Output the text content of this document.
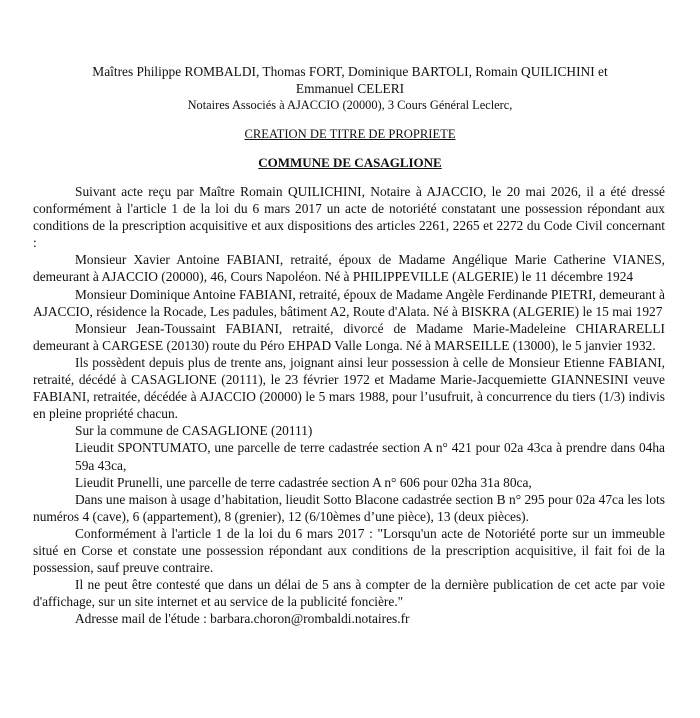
Maîtres Philippe ROMBALDI, Thomas FORT, Dominique BARTOLI, Romain QUILICHINI et
Emmanuel CELERI
Notaires Associés à AJACCIO (20000), 3 Cours Général Leclerc,
CREATION DE TITRE DE PROPRIETE
COMMUNE DE CASAGLIONE

Suivant acte reçu par Maître Romain QUILICHINI, Notaire à AJACCIO, le 20 mai 2026, il a été dressé conformément à l'article 1 de la loi du 6 mars 2017 un acte de notoriété constatant une possession répondant aux conditions de la prescription acquisitive et aux dispositions des articles 2261, 2265 et 2272 du Code Civil concernant :

Monsieur Xavier Antoine FABIANI, retraité, époux de Madame Angélique Marie Catherine VIANES, demeurant à AJACCIO (20000), 46, Cours Napoléon. Né à PHILIPPEVILLE (ALGERIE) le 11 décembre 1924

Monsieur Dominique Antoine FABIANI, retraité, époux de Madame Angèle Ferdinande PIETRI, demeurant à AJACCIO, résidence la Rocade, Les padules, bâtiment A2, Route d'Alata. Né à BISKRA (ALGERIE) le 15 mai 1927

Monsieur Jean-Toussaint FABIANI, retraité, divorcé de Madame Marie-Madeleine CHIARARELLI demeurant à CARGESE (20130) route du Péro EHPAD Valle Longa. Né à MARSEILLE (13000), le 5 janvier 1932.

Ils possèdent depuis plus de trente ans, joignant ainsi leur possession à celle de Monsieur Etienne FABIANI, retraité, décédé à CASAGLIONE (20111), le 23 février 1972 et Madame Marie-Jacquemiette GIANNESINI veuve FABIANI, retraitée, décédée à AJACCIO (20000) le 5 mars 1988, pour l’usufruit, à concurrence du tiers (1/3) indivis en pleine propriété chacun.

Sur la commune de CASAGLIONE (20111)

Lieudit SPONTUMATO, une parcelle de terre cadastrée section A n° 421 pour 02a 43ca à prendre dans 04ha 59a 43ca,

Lieudit Prunelli, une parcelle de terre cadastrée section A n° 606 pour 02ha 31a 80ca,

Dans une maison à usage d’habitation, lieudit Sotto Blacone cadastrée section B n° 295 pour 02a 47ca les lots numéros 4 (cave), 6 (appartement), 8 (grenier), 12 (6/10èmes d’une pièce), 13 (deux pièces).

Conformément à l'article 1 de la loi du 6 mars 2017 : "Lorsqu'un acte de Notoriété porte sur un immeuble situé en Corse et constate une possession répondant aux conditions de la prescription acquisitive, il fait foi de la possession, sauf preuve contraire.

Il ne peut être contesté que dans un délai de 5 ans à compter de la dernière publication de cet acte par voie d'affichage, sur un site internet et au service de la publicité foncière."

Adresse mail de l'étude : barbara.choron@rombaldi.notaires.fr
